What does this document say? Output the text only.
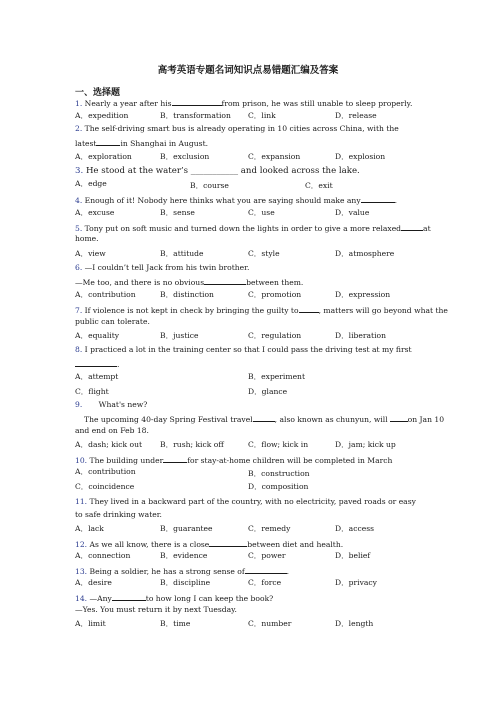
高考英语专题名词知识点易错题汇编及答案
一、选择题
1. Nearly a year after his	from prison, he was still unable to sleep properly.
A．expedition	B．transformation C．link	D．release
2. The self-driving smart bus is already operating in 10 cities across China, with the
latest	in Shanghai in August.
A．exploration	B．exclusion	C．expansion	D．explosion
3. He stood at the water’s ___________ and looked across the lake.
A．edge	B．course	C．exit
4. Enough of it! Nobody here thinks what you are saying should make any	.
A．excuse	B．sense	C．use	D．value
5. Tony put on soft music and turned down the lights in order to give a more relaxed	at
home.
A．view	B．attitude	C．style	D．atmosphere
6. —I couldn’t tell Jack from his twin brother.
—Me too, and there is no obvious	between them.
A．contribution	B．distinction	C．promotion	D．expression
7. If violence is not kept in check by bringing the guilty to	, matters will go beyond what the
public can tolerate.
A．equality	B．justice	C．regulation	D．liberation
8. I practiced a lot in the training center so that I could pass the driving test at my first
.
A．attempt	B．experiment
C．flight	D．glance
9. What's new?
The upcoming 40-day Spring Festival travel	, also known as chunyun, will	on Jan 10
and end on Feb 18.
A．dash; kick out B．rush; kick off	C．flow; kick in	D．jam; kick up
10. The building under	for stay-at-home children will be completed in March
A．contribution	B．construction
C．coincidence	D．composition
11. They lived in a backward part of the country, with no electricity, paved roads or easy
to safe drinking water.
A．lack	B．guarantee	C．remedy	D．access
12. As we all know, there is a close	between diet and health.
A．connection	B．evidence	C．power	D．belief
13. Being a soldier, he has a strong sense of	.
A．desire	B．discipline	C．force	D．privacy
14. —Any	to how long I can keep the book?
—Yes. You must return it by next Tuesday.
A．limit	B．time	C．number	D．length
